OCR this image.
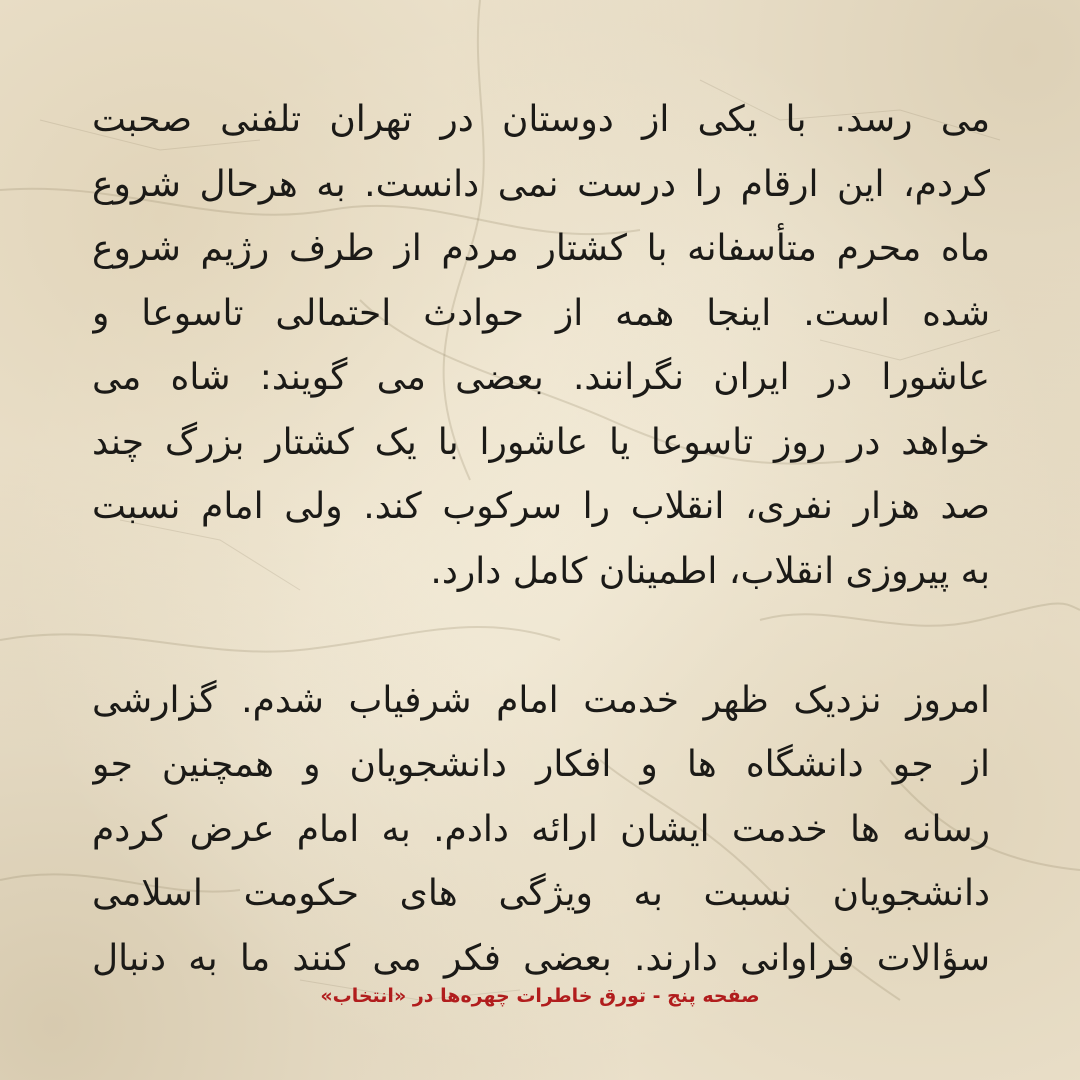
می رسد. با یکی از دوستان در تهران تلفنی صحبت
کردم، این ارقام را درست نمی دانست. به هرحال شروع
ماه محرم متأسفانه با کشتار مردم از طرف رژیم شروع
شده است. اینجا همه از حوادث احتمالی تاسوعا و
عاشورا در ایران نگرانند. بعضی می گویند: شاه می
خواهد در روز تاسوعا یا عاشورا با یک کشتار بزرگ چند
صد هزار نفری، انقلاب را سرکوب کند. ولی امام نسبت
به پیروزی انقلاب، اطمینان کامل دارد.
امروز نزدیک ظهر خدمت امام شرفیاب شدم. گزارشی
از جو دانشگاه ها و افکار دانشجویان و همچنین جو
رسانه ها خدمت ایشان ارائه دادم. به امام عرض کردم
دانشجویان نسبت به ویژگی های حکومت اسلامی
سؤالات فراوانی دارند. بعضی فکر می کنند ما به دنبال
صفحه پنج - تورق خاطرات چهره‌ها در «انتخاب»
